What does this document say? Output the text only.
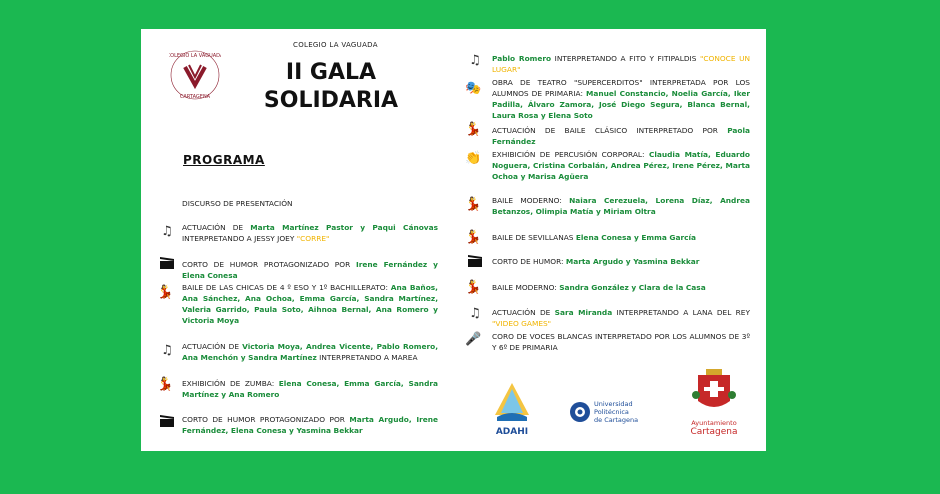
COLEGIO LA VAGUADA
CARTAGENA
COLEGIO LA VAGUADA
II GALA
SOLIDARIA
PROGRAMA
DISCURSO DE PRESENTACIÓN
♫ ACTUACIÓN DE Marta Martínez Pastor y Paqui Cánovas INTERPRETANDO A JESSY JOEY "CORRE"
CORTO DE HUMOR PROTAGONIZADO POR Irene Fernández y Elena Conesa
💃 BAILE DE LAS CHICAS DE 4 º ESO Y 1º BACHILLERATO: Ana Baños, Ana Sánchez, Ana Ochoa, Emma García, Sandra Martínez, Valeria Garrido, Paula Soto, Aihnoa Bernal, Ana Romero y Victoria Moya
♫ ACTUACIÓN DE Victoria Moya, Andrea Vicente, Pablo Romero, Ana Menchón y Sandra Martínez INTERPRETANDO A MAREA
💃 EXHIBICIÓN DE ZUMBA: Elena Conesa, Emma García, Sandra Martínez y Ana Romero
CORTO DE HUMOR PROTAGONIZADO POR Marta Argudo, Irene Fernández, Elena Conesa y Yasmina Bekkar
♫ Pablo Romero INTERPRETANDO A FITO Y FITIPALDIS "CONOCE UN LUGAR"
🎭 OBRA DE TEATRO "SUPERCERDITOS" INTERPRETADA POR LOS ALUMNOS DE PRIMARIA: Manuel Constancio, Noelia García, Iker Padilla, Álvaro Zamora, José Diego Segura, Blanca Bernal, Laura Rosa y Elena Soto
💃 ACTUACIÓN DE BAILE CLÁSICO INTERPRETADO POR Paola Fernández
👏 EXHIBICIÓN DE PERCUSIÓN CORPORAL: Claudia Matía, Eduardo Noguera, Cristina Corbalán, Andrea Pérez, Irene Pérez, Marta Ochoa y Marisa Agüera
💃 BAILE MODERNO: Naiara Cerezuela, Lorena Díaz, Andrea Betanzos, Olimpia Matía y Miriam Oltra
💃 BAILE DE SEVILLANAS Elena Conesa y Emma García
CORTO DE HUMOR: Marta Argudo y Yasmina Bekkar
💃 BAILE MODERNO: Sandra González y Clara de la Casa
♫ ACTUACIÓN DE Sara Miranda INTERPRETANDO A LANA DEL REY "VIDEO GAMES"
🎤 CORO DE VOCES BLANCAS INTERPRETADO POR LOS ALUMNOS DE 3º Y 6º DE PRIMARIA
ADAHI
Universidad
Politécnica
de Cartagena	Ayuntamiento
Cartagena
